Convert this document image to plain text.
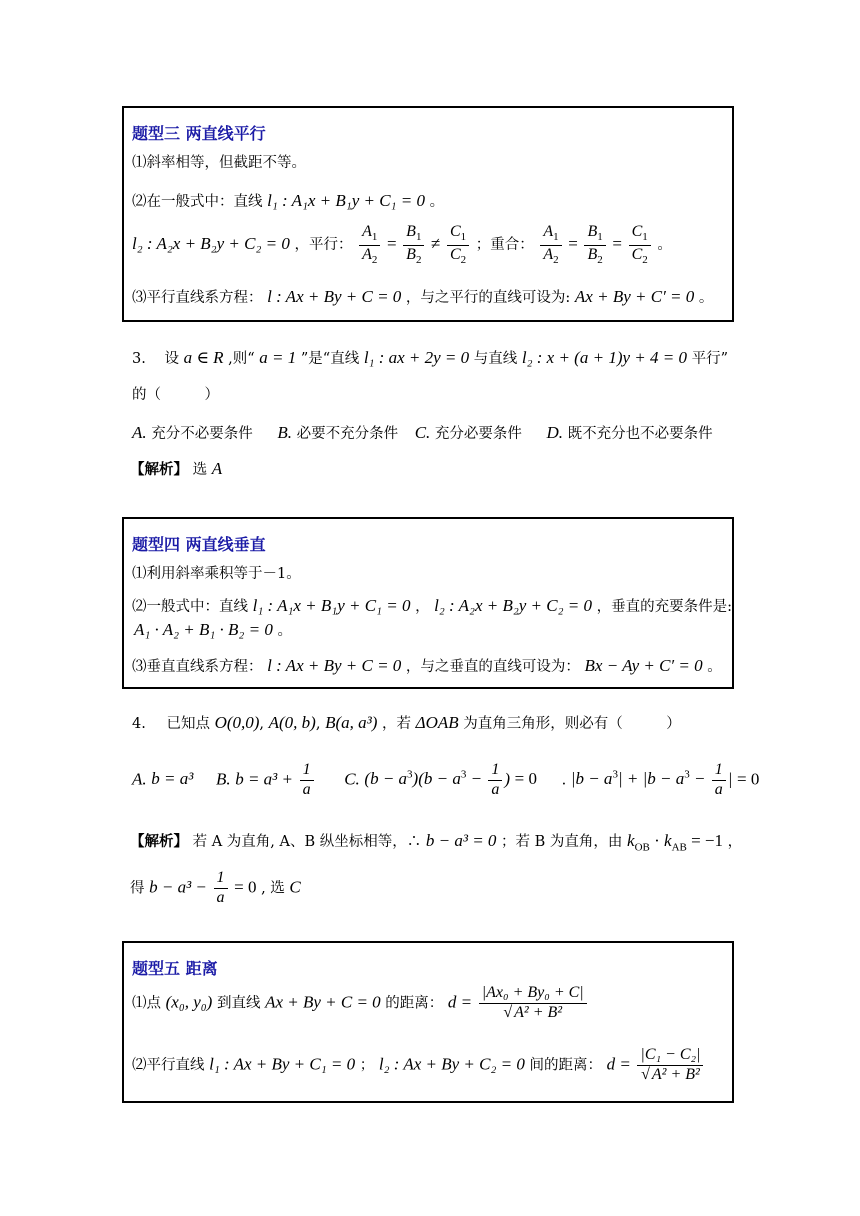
题型三 两直线平行
⑴斜率相等，但截距不等。
⑵在一般式中：直线 l₁ : A₁x + B₁y + C₁ = 0 。
l₂ : A₂x + B₂y + C₂ = 0 ，平行： $\frac{A_1}{A_2} = \frac{B_1}{B_2} \ne \frac{C_1}{C_2}$ ；重合： $\frac{A_1}{A_2} = \frac{B_1}{B_2} = \frac{C_1}{C_2}$ 。
⑶平行直线系方程： l : Ax + By + C = 0 ，与之平行的直线可设为: Ax + By + C′ = 0 。
3. 设 a ∈ R ,则“ a = 1 ”是“直线 l₁ : ax + 2y = 0 与直线 l₂ : x + (a + 1)y + 4 = 0 平行”
的（　　　）
A. 充分不必要条件 B. 必要不充分条件 C. 充分必要条件 D. 既不充分也不必要条件
【解析】 选 A
题型四 两直线垂直
⑴利用斜率乘积等于－1。
⑵一般式中：直线 l₁ : A₁x + B₁y + C₁ = 0 ， l₂ : A₂x + B₂y + C₂ = 0 ，垂直的充要条件是:
A₁ · A₂ + B₁ · B₂ = 0 。
⑶垂直直线系方程： l : Ax + By + C = 0 ，与之垂直的直线可设为： Bx − Ay + C′ = 0 。
4. 已知点 O(0,0), A(0, b), B(a, a³) ，若 ΔOAB 为直角三角形，则必有（　　　）
A. b = a³ B. $b = a^3 + \frac{1}{a} C$. $(b - a^3)(b - a^3 - \frac{1}{a}$ ) = 0 . $|b - a^3| + |b - a^3 - \frac{1}{a}$ | = 0
【解析】 若 A 为直角, A、B 纵坐标相等，∴ b − a³ = 0 ；若 B 为直角，由 $k_{OB} \cdot k_{AB} = -1$ ，
得 $b - a^3 - \frac{1}{a} = 0$ , 选 C
题型五 距离
⑴点 (x₀, y₀) 到直线 Ax + By + C = 0 的距离： $d = \frac{\text{|Ax₀ + By₀ + C|}}{\text{√ A² + B²}}$
⑵平行直线 l₁ : Ax + By + C₁ = 0 ； l₂ : Ax + By + C₂ = 0 间的距离： $d = \frac{\text{|C₁ − C₂|}}{\text{√ A² + B²}}$
